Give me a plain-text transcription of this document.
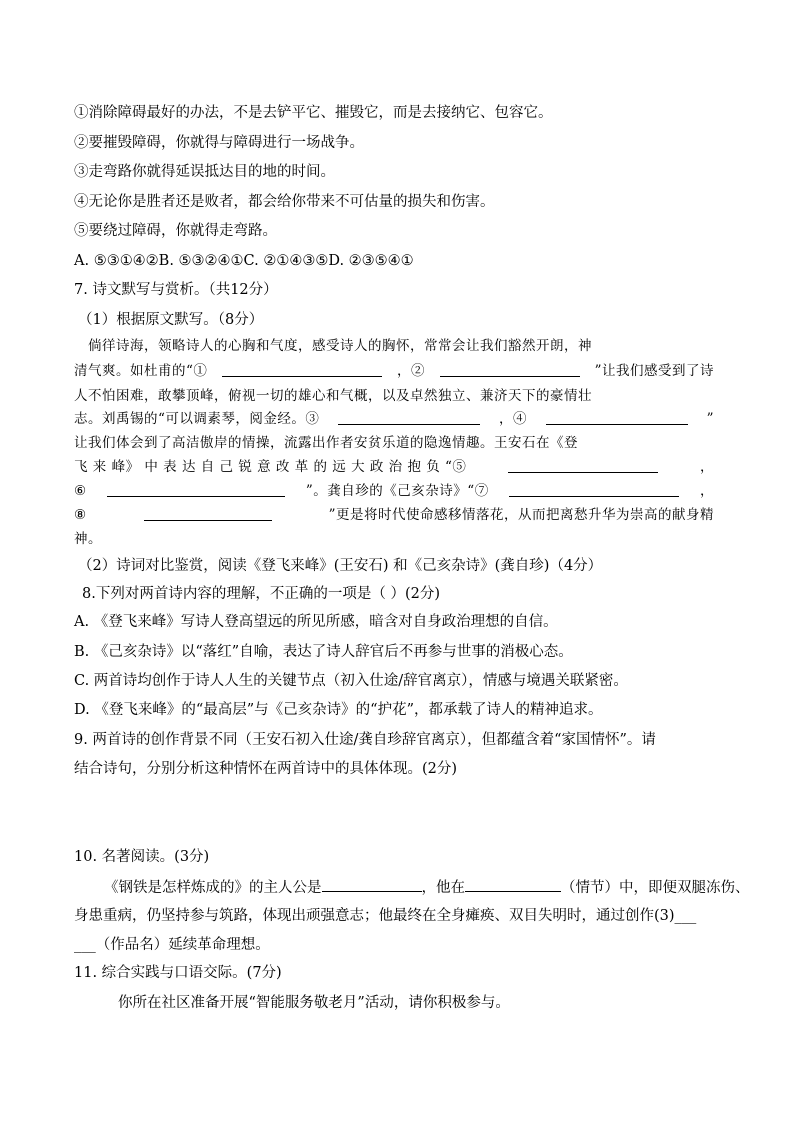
①消除障碍最好的办法，不是去铲平它、摧毁它，而是去接纳它、包容它。
②要摧毁障碍，你就得与障碍进行一场战争。
③走弯路你就得延误抵达目的地的时间。
④无论你是胜者还是败者，都会给你带来不可估量的损失和伤害。
⑤要绕过障碍，你就得走弯路。
A. ⑤③①④②B. ⑤③②④①C. ②①④③⑤D. ②③⑤④①
7. 诗文默写与赏析。（共12分）
（1）根据原文默写。（8分）
倘徉诗海，领略诗人的心胸和气度，感受诗人的胸怀，常常会让我们豁然开朗，神
清气爽。如杜甫的“①	，②	”让我们感受到了诗
人不怕困难，敢攀顶峰，俯视一切的雄心和气概，以及卓然独立、兼济天下的豪情壮
志。刘禹锡的“可以调素琴，阅金经。③	，④	”
让我们体会到了高洁傲岸的情操，流露出作者安贫乐道的隐逸情趣。王安石在《登
飞 来 峰》 中 表 达 自 己 锐 意 改 革 的 远 大 政 治 抱 负 “⑤	，
⑥	”。龚自珍的《己亥杂诗》“⑦	，
⑧	”更是将时代使命感移情落花，从而把离愁升华为崇高的献身精
神。
（2）诗词对比鉴赏，阅读《登飞来峰》(王安石) 和《己亥杂诗》(龚自珍)（4分）
8.下列对两首诗内容的理解，不正确的一项是（ ）(2分)
A. 《登飞来峰》写诗人登高望远的所见所感，暗含对自身政治理想的自信。
B. 《己亥杂诗》以“落红”自喻，表达了诗人辞官后不再参与世事的消极心态。
C. 两首诗均创作于诗人人生的关键节点（初入仕途/辞官离京），情感与境遇关联紧密。
D. 《登飞来峰》的“最高层”与《己亥杂诗》的“护花”，都承载了诗人的精神追求。
9. 两首诗的创作背景不同（王安石初入仕途/龚自珍辞官离京），但都蕴含着“家国情怀”。请
结合诗句，分别分析这种情怀在两首诗中的具体体现。(2分)
10. 名著阅读。(3分)
《钢铁是怎样炼成的》的主人公是	，他在	（情节）中，即便双腿冻伤、
身患重病，仍坚持参与筑路，体现出顽强意志；他最终在全身瘫痪、双目失明时，通过创作(3)___
___（作品名）延续革命理想。
11. 综合实践与口语交际。(7分)
你所在社区准备开展“智能服务敬老月”活动，请你积极参与。
